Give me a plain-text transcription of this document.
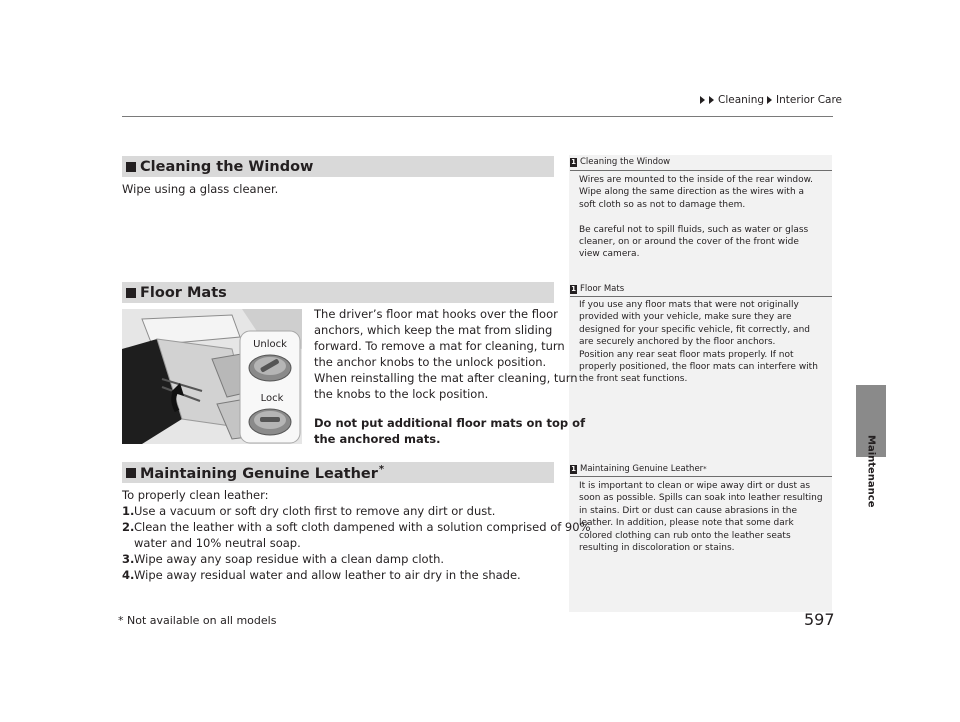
Cleaning Interior Care
Maintenance
Cleaning the Window
Wipe using a glass cleaner.
1 Cleaning the Window
Wires are mounted to the inside of the rear window.
Wipe along the same direction as the wires with a
soft cloth so as not to damage them.
Be careful not to spill fluids, such as water or glass
cleaner, on or around the cover of the front wide
view camera.
Floor Mats
Unlock
Lock
The driver’s floor mat hooks over the floor
anchors, which keep the mat from sliding
forward. To remove a mat for cleaning, turn
the anchor knobs to the unlock position.
When reinstalling the mat after cleaning, turn
the knobs to the lock position.
Do not put additional floor mats on top of
the anchored mats.
1 Floor Mats
If you use any floor mats that were not originally
provided with your vehicle, make sure they are
designed for your specific vehicle, fit correctly, and
are securely anchored by the floor anchors.
Position any rear seat floor mats properly. If not
properly positioned, the floor mats can interfere with
the front seat functions.
Maintaining Genuine Leather*
To properly clean leather:
1. Use a vacuum or soft dry cloth first to remove any dirt or dust.
2. Clean the leather with a soft cloth dampened with a solution comprised of 90%
water and 10% neutral soap.
3. Wipe away any soap residue with a clean damp cloth.
4. Wipe away residual water and allow leather to air dry in the shade.
1 Maintaining Genuine Leather *
It is important to clean or wipe away dirt or dust as
soon as possible. Spills can soak into leather resulting
in stains. Dirt or dust can cause abrasions in the
leather. In addition, please note that some dark
colored clothing can rub onto the leather seats
resulting in discoloration or stains.
* Not available on all models	597
